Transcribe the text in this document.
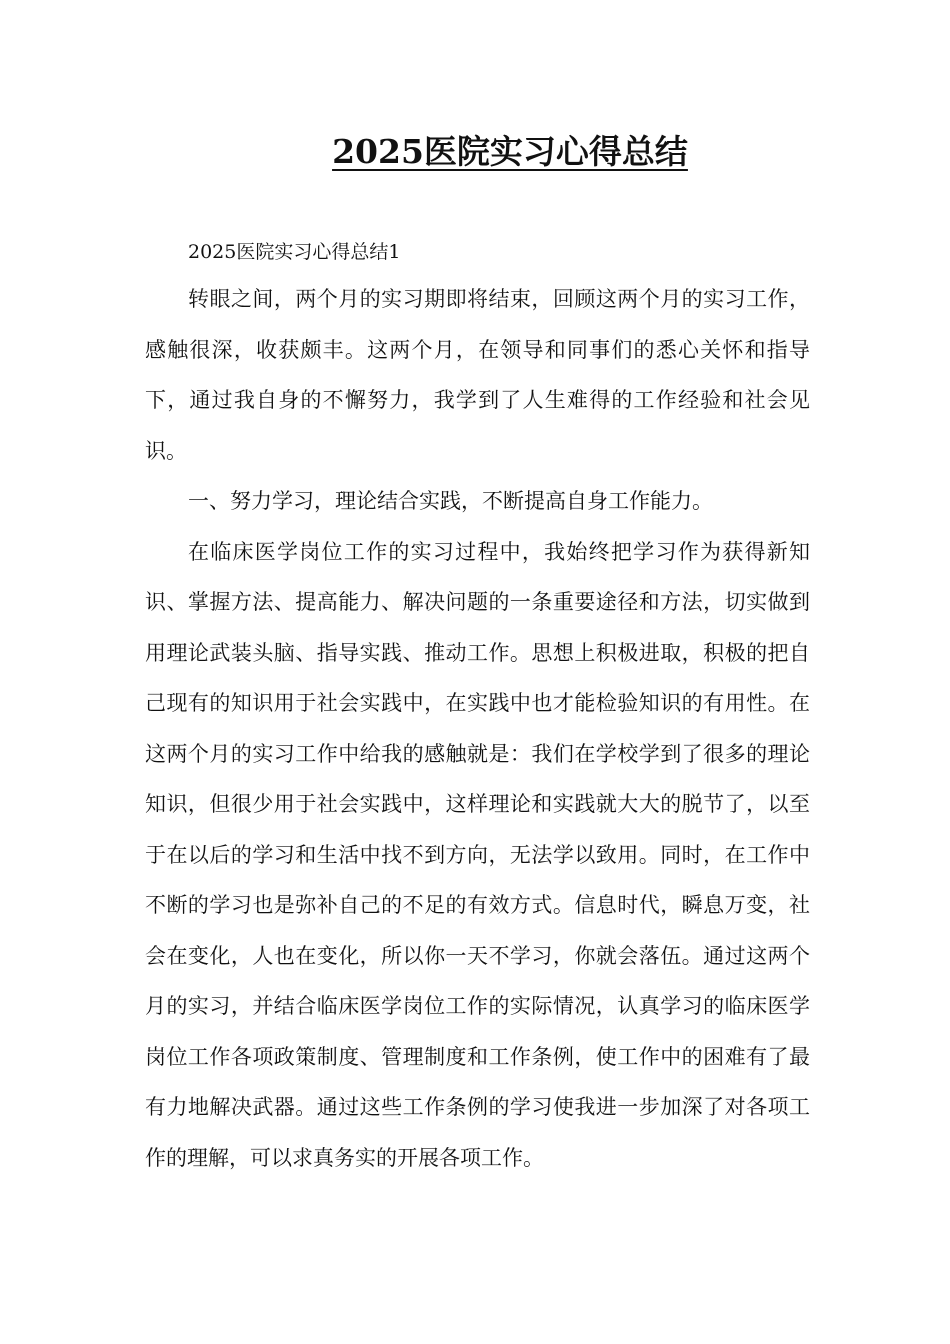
2025医院实习心得总结

2025医院实习心得总结1

转眼之间，两个月的实习期即将结束，回顾这两个月的实习工作，感触很深，收获颇丰。这两个月，在领导和同事们的悉心关怀和指导下，通过我自身的不懈努力，我学到了人生难得的工作经验和社会见识。

一、努力学习，理论结合实践，不断提高自身工作能力。

在临床医学岗位工作的实习过程中，我始终把学习作为获得新知识、掌握方法、提高能力、解决问题的一条重要途径和方法，切实做到用理论武装头脑、指导实践、推动工作。思想上积极进取，积极的把自己现有的知识用于社会实践中，在实践中也才能检验知识的有用性。在这两个月的实习工作中给我的感触就是：我们在学校学到了很多的理论知识，但很少用于社会实践中，这样理论和实践就大大的脱节了，以至于在以后的学习和生活中找不到方向，无法学以致用。同时，在工作中不断的学习也是弥补自己的不足的有效方式。信息时代，瞬息万变，社会在变化，人也在变化，所以你一天不学习，你就会落伍。通过这两个月的实习，并结合临床医学岗位工作的实际情况，认真学习的临床医学岗位工作各项政策制度、管理制度和工作条例，使工作中的困难有了最有力地解决武器。通过这些工作条例的学习使我进一步加深了对各项工作的理解，可以求真务实的开展各项工作。
